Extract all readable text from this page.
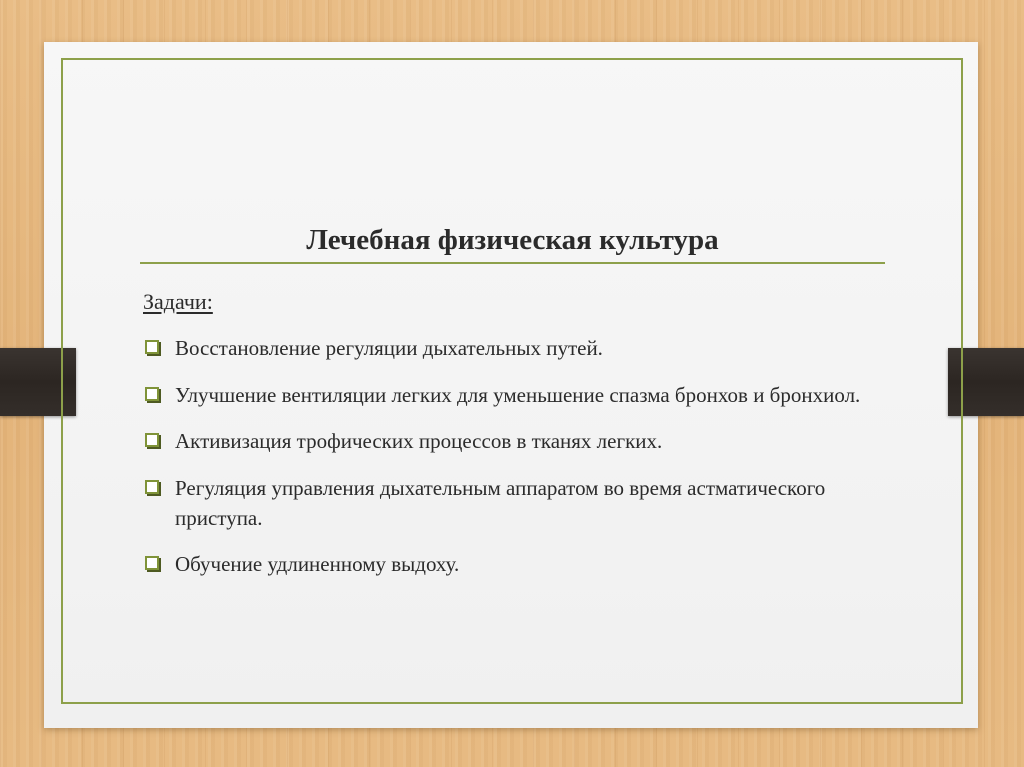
Лечебная физическая культура
Задачи:
Восстановление регуляции дыхательных путей.
Улучшение вентиляции легких для уменьшение спазма бронхов и бронхиол.
Активизация трофических процессов в тканях легких.
Регуляция управления дыхательным аппаратом во время астматического приступа.
Обучение удлиненному выдоху.
